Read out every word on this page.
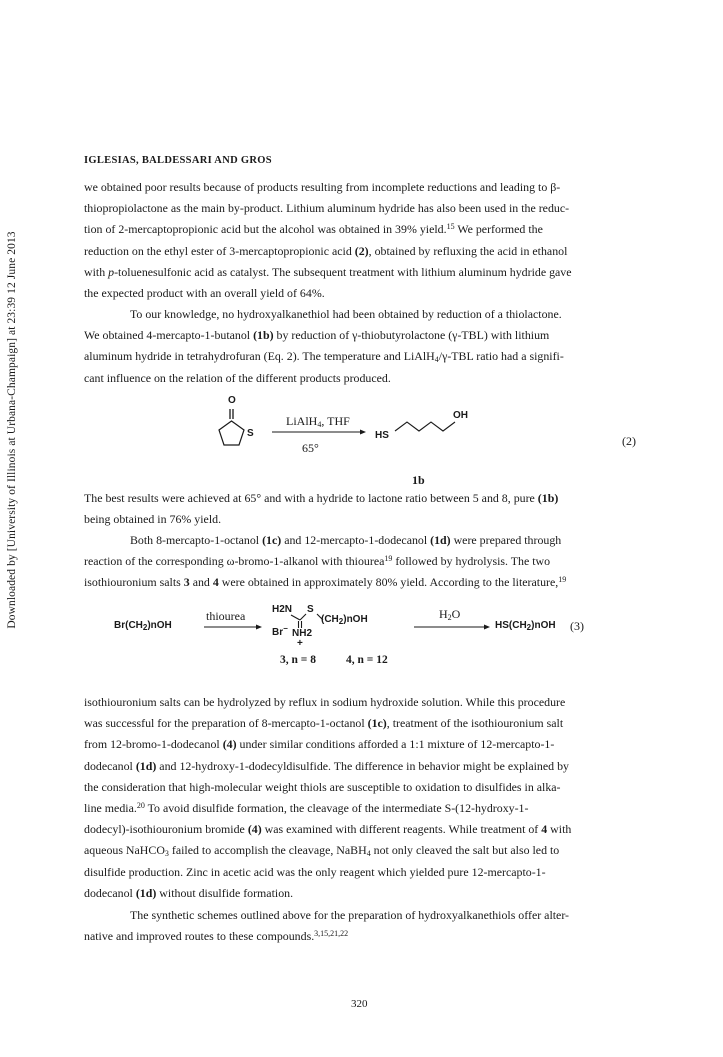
Downloaded by [University of Illinois at Urbana-Champaign] at 23:39 12 June 2013
IGLESIAS, BALDESSARI AND GROS
we obtained poor results because of products resulting from incomplete reductions and leading to β-
thiopropiolactone as the main by-product. Lithium aluminum hydride has also been used in the reduc-
tion of 2-mercaptopropionic acid but the alcohol was obtained in 39% yield.$^{15}$ We performed the
reduction on the ethyl ester of 3-mercaptopropionic acid (2), obtained by refluxing the acid in ethanol
with p-toluenesulfonic acid as catalyst. The subsequent treatment with lithium aluminum hydride gave
the expected product with an overall yield of 64%.
To our knowledge, no hydroxyalkanethiol had been obtained by reduction of a thiolactone.
We obtained 4-mercapto-1-butanol (1b) by reduction of γ-thiobutyrolactone (γ-TBL) with lithium
aluminum hydride in tetrahydrofuran (Eq. 2). The temperature and LiAlH$_4$/γ-TBL ratio had a signifi-
cant influence on the relation of the different products produced.
O
S
LiAlH$_4$, THF
65°
HS
OH
1b
(2)
The best results were achieved at 65° and with a hydride to lactone ratio between 5 and 8, pure (1b)
being obtained in 76% yield.
Both 8-mercapto-1-octanol (1c) and 12-mercapto-1-dodecanol (1d) were prepared through
reaction of the corresponding ω-bromo-1-alkanol with thiourea$^{19}$ followed by hydrolysis. The two
isothiouronium salts 3 and 4 were obtained in approximately 80% yield. According to the literature,$^{19}$
$Br(CH_2)nOH$
thiourea	H2N S
$(CH_2)nOH$
Br− NH2
+
$H_2O$
$HS(CH_2)nOH$ (3)
3, n = 8	4, n = 12
isothiouronium salts can be hydrolyzed by reflux in sodium hydroxide solution. While this procedure
was successful for the preparation of 8-mercapto-1-octanol (1c), treatment of the isothiouronium salt
from 12-bromo-1-dodecanol (4) under similar conditions afforded a 1:1 mixture of 12-mercapto-1-
dodecanol (1d) and 12-hydroxy-1-dodecyldisulfide. The difference in behavior might be explained by
the consideration that high-molecular weight thiols are susceptible to oxidation to disulfides in alka-
line media.$^{20}$ To avoid disulfide formation, the cleavage of the intermediate S-(12-hydroxy-1-
dodecyl)-isothiouronium bromide (4) was examined with different reagents. While treatment of 4 with
aqueous NaHCO$_3$ failed to accomplish the cleavage, NaBH$_4$ not only cleaved the salt but also led to
disulfide production. Zinc in acetic acid was the only reagent which yielded pure 12-mercapto-1-
dodecanol (1d) without disulfide formation.
The synthetic schemes outlined above for the preparation of hydroxyalkanethiols offer alter-
native and improved routes to these compounds.$^{3,15,21,22}$
320
